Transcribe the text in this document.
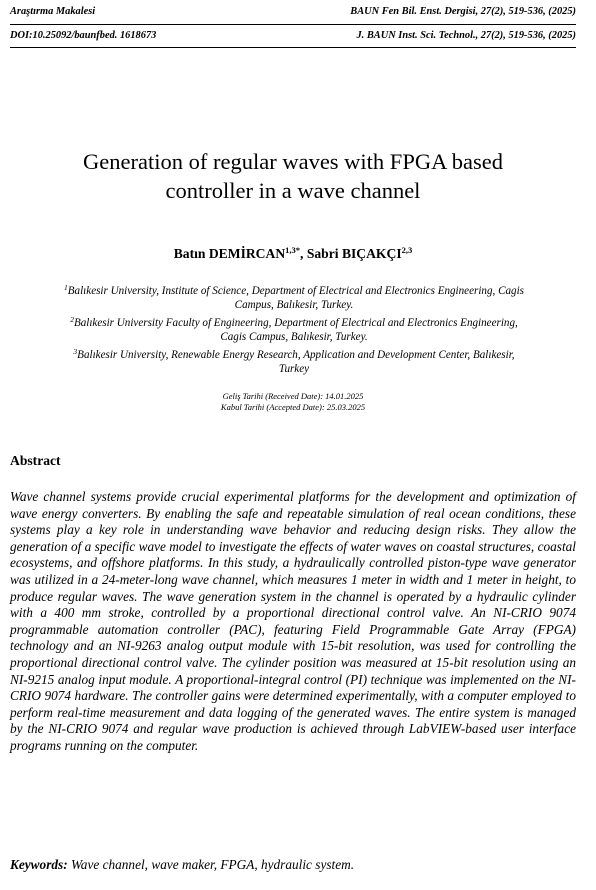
Araştırma Makalesi	BAUN Fen Bil. Enst. Dergisi, 27(2), 519-536, (2025)
DOI:10.25092/baunfbed. 1618673	J. BAUN Inst. Sci. Technol., 27(2), 519-536, (2025)
Generation of regular waves with FPGA based
controller in a wave channel
Batın $DEMİRCAN^{1,3*}$, Sabri BIÇAKÇI$^{2,3}$

$^1$Balıkesir University, Institute of Science, Department of Electrical and Electronics Engineering, Cagis
Campus, Balıkesir, Turkey.

$^2$Balıkesir University Faculty of Engineering, Department of Electrical and Electronics Engineering,
Cagis Campus, Balıkesir, Turkey.

$^3$Balıkesir University, Renewable Energy Research, Application and Development Center, Balıkesir,
Turkey

Geliş Tarihi (Received Date): 14.01.2025
Kabul Tarihi (Accepted Date): 25.03.2025
Abstract
Wave channel systems provide crucial experimental platforms for the development and optimization of wave energy converters. By enabling the safe and repeatable simulation of real ocean conditions, these systems play a key role in understanding wave behavior and reducing design risks. They allow the generation of a specific wave model to investigate the effects of water waves on coastal structures, coastal ecosystems, and offshore platforms. In this study, a hydraulically controlled piston-type wave generator was utilized in a 24-meter-long wave channel, which measures 1 meter in width and 1 meter in height, to produce regular waves. The wave generation system in the channel is operated by a hydraulic cylinder with a 400 mm stroke, controlled by a proportional directional control valve. An NI-CRIO 9074 programmable automation controller (PAC), featuring Field Programmable Gate Array (FPGA) technology and an NI-9263 analog output module with 15-bit resolution, was used for controlling the proportional directional control valve. The cylinder position was measured at 15-bit resolution using an NI-9215 analog input module. A proportional-integral control (PI) technique was implemented on the NI-CRIO 9074 hardware. The controller gains were determined experimentally, with a computer employed to perform real-time measurement and data logging of the generated waves. The entire system is managed by the NI-CRIO 9074 and regular wave production is achieved through LabVIEW-based user interface programs running on the computer.
Keywords: Wave channel, wave maker, FPGA, hydraulic system.
